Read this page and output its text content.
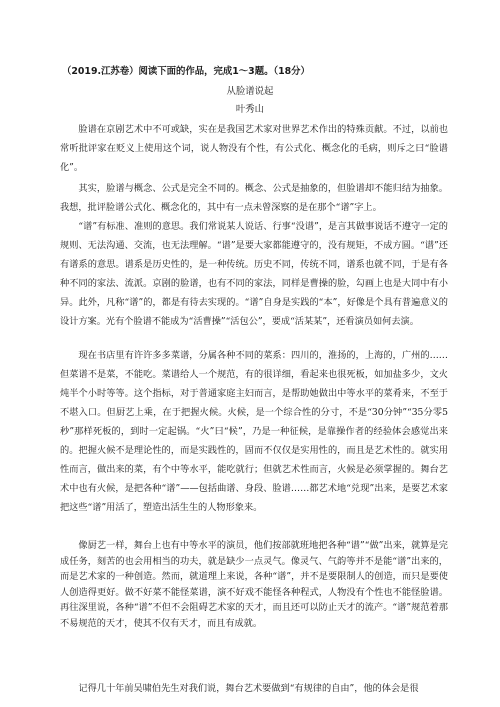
（2019.江苏卷）阅读下面的作品，完成1～3题。（18分）
从脸谱说起
叶秀山

脸谱在京剧艺术中不可或缺，实在是我国艺术家对世界艺术作出的特殊贡献。不过，以前也常听批评家在贬义上使用这个词，说人物没有个性，有公式化、概念化的毛病，则斥之曰“脸谱化”。

其实，脸谱与概念、公式是完全不同的。概念、公式是抽象的，但脸谱却不能归结为抽象。我想，批评脸谱公式化、概念化的，其中有一点未曾深察的是在那个“谱”字上。

“谱”有标准、准则的意思。我们常说某人说话、行事“没谱”，是言其做事说话不遵守一定的规则、无法沟通、交流，也无法理解。“谱”是要大家都能遵守的，没有规矩，不成方圆。“谱”还有谱系的意思。谱系是历史性的，是一种传统。历史不同，传统不同，谱系也就不同，于是有各种不同的家法、流派。京剧的脸谱，也有不同的家法，同样是曹操的脸，勾画上也是大同中有小异。此外，凡称“谱”的，都是有待去实现的。“谱”自身是实践的“本”，好像是个具有普遍意义的设计方案。光有个脸谱不能成为“活曹操”“活包公”，要成“活某某”，还看演员如何去演。

现在书店里有许许多多菜谱，分属各种不同的菜系：四川的，淮扬的，上海的，广州的……但菜谱不是菜，不能吃。菜谱给人一个规范，有的很详细，看起来也很死板，如加盐多少，文火炖半个小时等等。这个指标，对于普通家庭主妇而言，是帮助她做出中等水平的菜肴来，不至于不堪入口。但厨艺上乘，在于把握火候。火候，是一个综合性的分寸，不是“30分钟”“35分零5秒”那样死板的，到时一定起锅。“火”曰“候”，乃是一种征候，是靠操作者的经验体会感觉出来的。把握火候不是理论性的，而是实践性的，固而不仅仅是实用性的，而且是艺术性的。就实用性而言，做出来的菜，有个中等水平，能吃就行；但就艺术性而言，火候是必须掌握的。舞台艺术中也有火候，是把各种“谱”——包括曲谱、身段、脸谱……都艺术地“兑现”出来，是要艺术家把这些“谱”用活了，塑造出活生生的人物形象来。

像厨艺一样，舞台上也有中等水平的演员，他们按部就班地把各种“谱”“做”出来，就算是完成任务，刻苦的也会用相当的功夫，就是缺少一点灵气。像灵气、气韵等并不是能“谱”出来的，而是艺术家的一种创造。然而，就道理上来说，各种“谱”，并不是要限制人的创造，而只是要使人创造得更好。做不好菜不能怪菜谱，演不好戏不能怪各种程式，人物没有个性也不能怪脸谱。再往深里说，各种“谱”不但不会阻碍艺术家的天才，而且还可以防止天才的流产。“谱”规范着那不易规范的天才，使其不仅有天才，而且有成就。

记得几十年前吴啸伯先生对我们说，舞台艺术要做到“有规律的自由”，他的体会是很
